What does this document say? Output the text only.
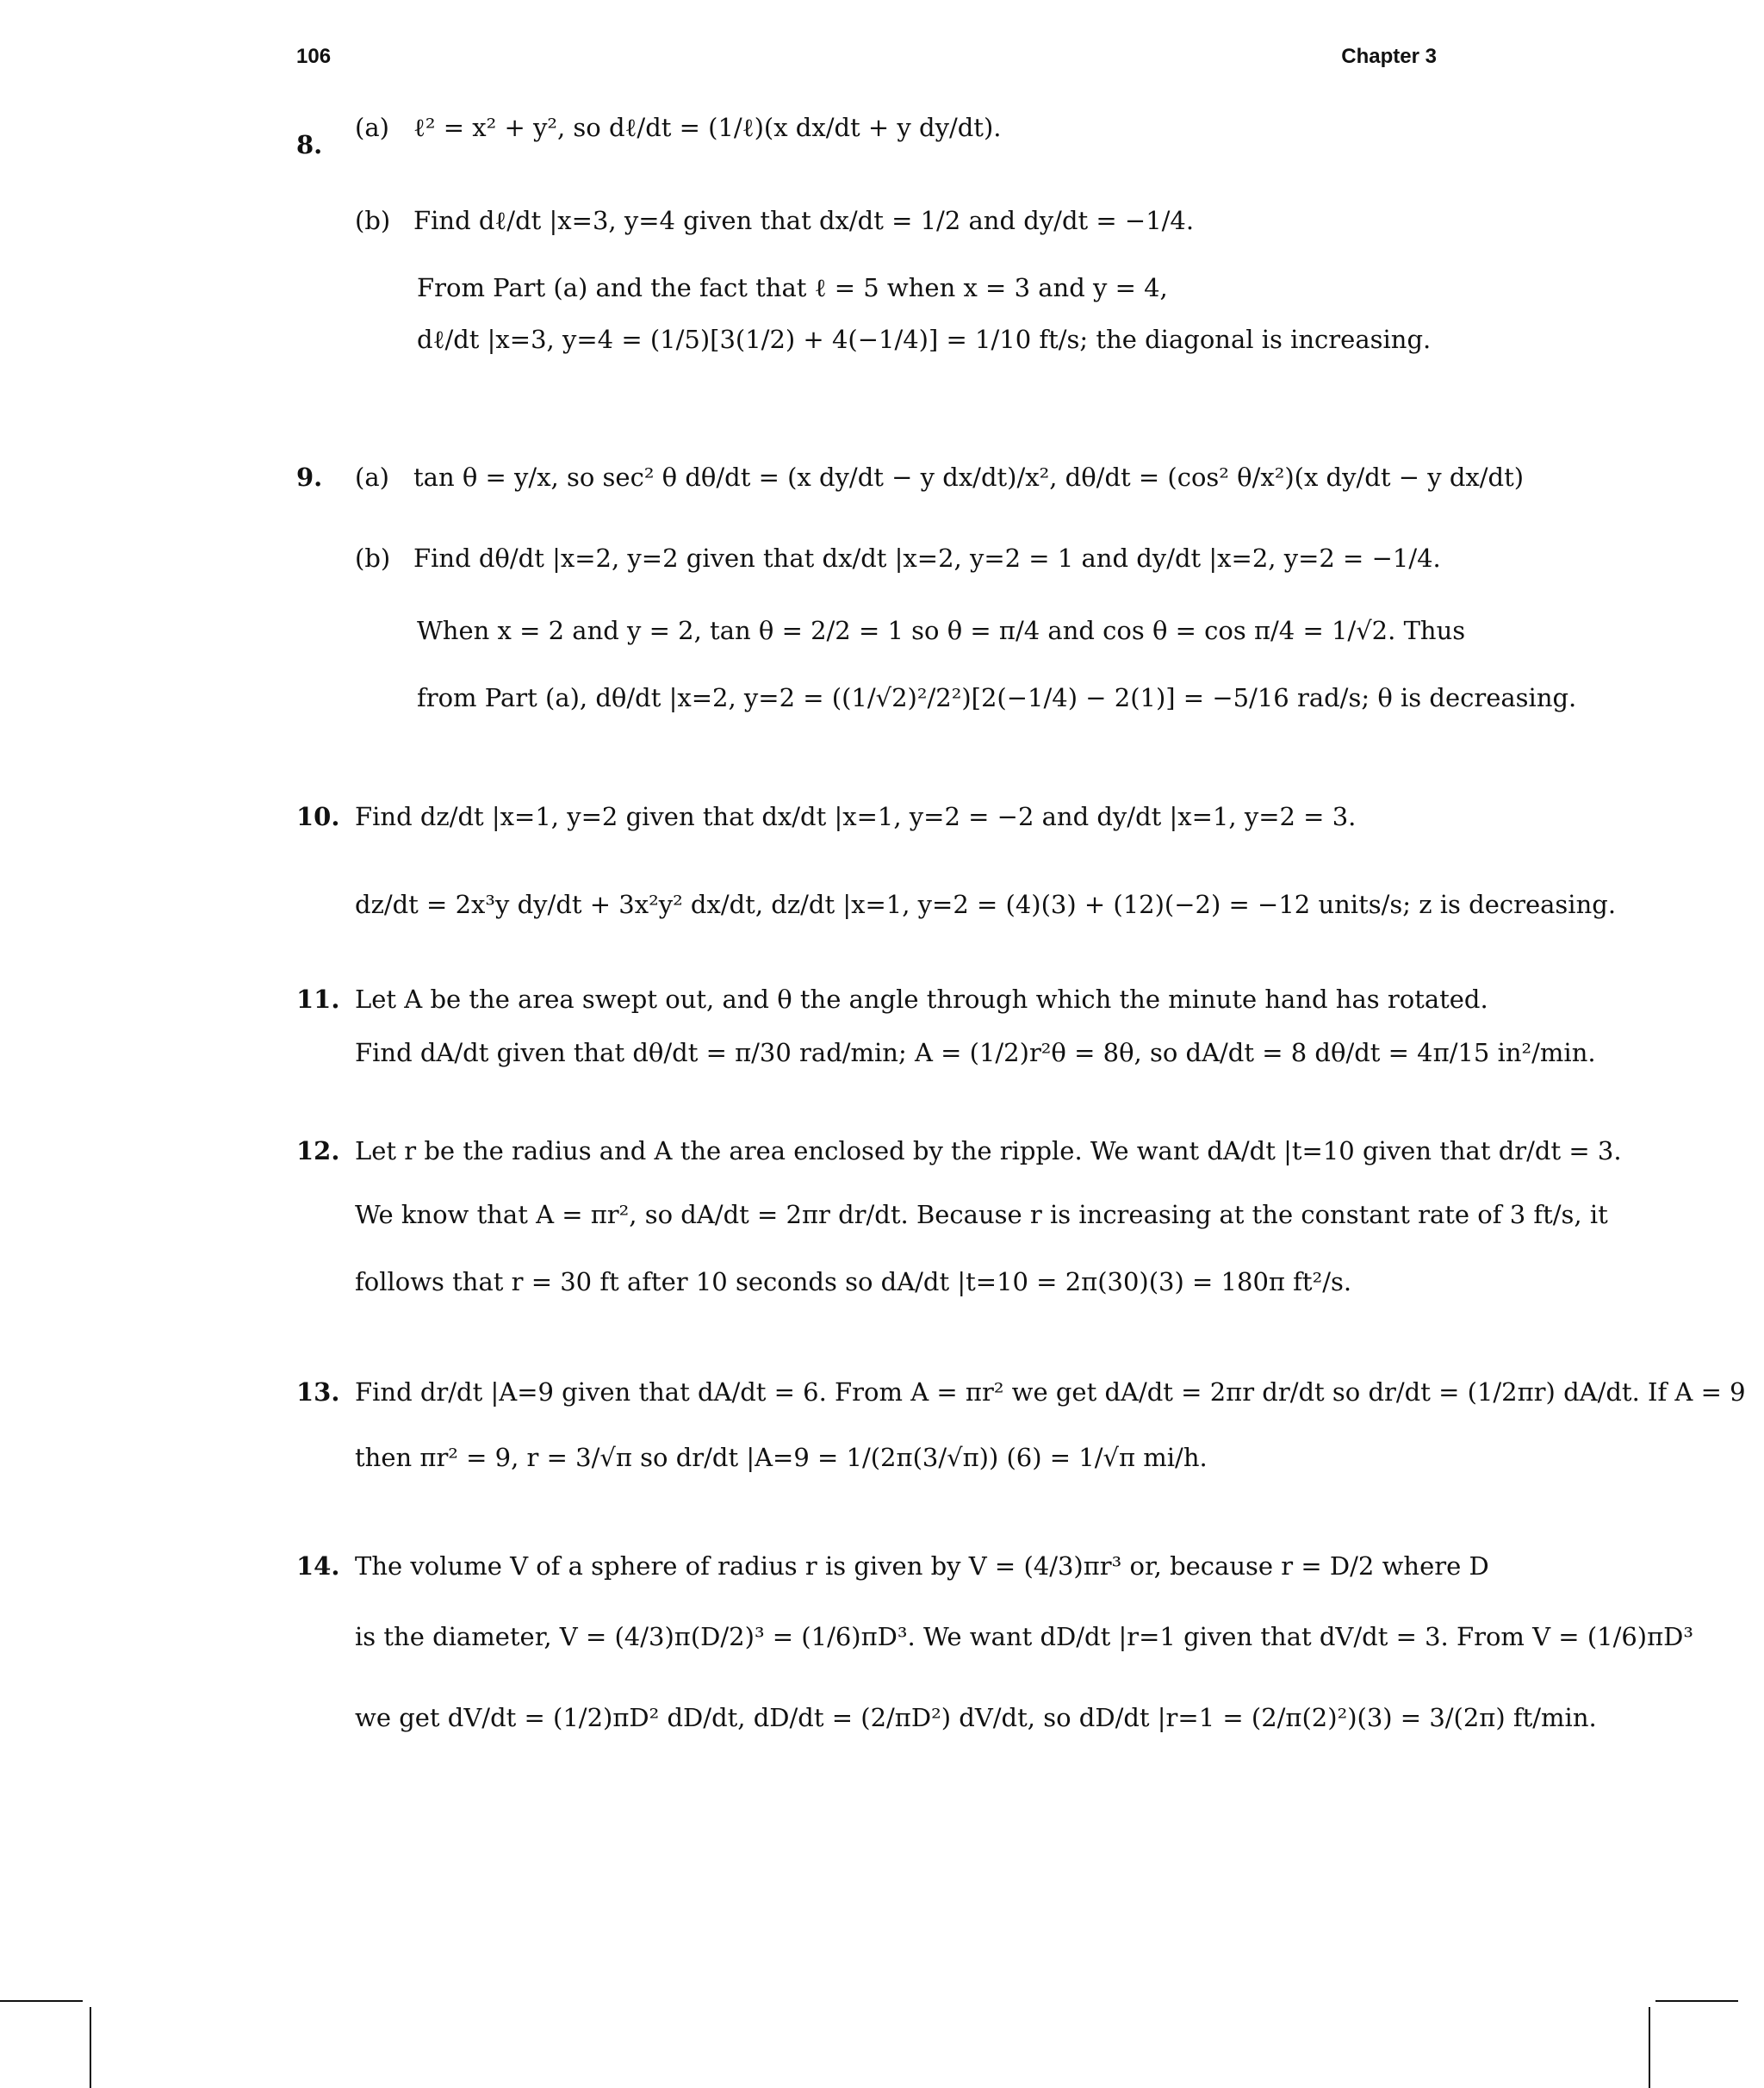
106	Chapter 3
8.
(a) ℓ² = x² + y², so dℓ/dt = (1/ℓ)(x dx/dt + y dy/dt).
(b) Find dℓ/dt |x=3, y=4 given that dx/dt = 1/2 and dy/dt = −1/4.
From Part (a) and the fact that ℓ = 5 when x = 3 and y = 4,
dℓ/dt |x=3, y=4 = (1/5)[3(1/2) + 4(−1/4)] = 1/10 ft/s; the diagonal is increasing.
9. (a) tan θ = y/x, so sec² θ dθ/dt = (x dy/dt − y dx/dt)/x², dθ/dt = (cos² θ/x²)(x dy/dt − y dx/dt)
(b) Find dθ/dt |x=2, y=2 given that dx/dt |x=2, y=2 = 1 and dy/dt |x=2, y=2 = −1/4.
When x = 2 and y = 2, tan θ = 2/2 = 1 so θ = π/4 and cos θ = cos π/4 = 1/√2. Thus
from Part (a), dθ/dt |x=2, y=2 = ((1/√2)²/2²)[2(−1/4) − 2(1)] = −5/16 rad/s; θ is decreasing.
10. Find dz/dt |x=1, y=2 given that dx/dt |x=1, y=2 = −2 and dy/dt |x=1, y=2 = 3.
dz/dt = 2x³y dy/dt + 3x²y² dx/dt, dz/dt |x=1, y=2 = (4)(3) + (12)(−2) = −12 units/s; z is decreasing.
11. Let A be the area swept out, and θ the angle through which the minute hand has rotated.
Find dA/dt given that dθ/dt = π/30 rad/min; A = (1/2)r²θ = 8θ, so dA/dt = 8 dθ/dt = 4π/15 in²/min.
12. Let r be the radius and A the area enclosed by the ripple. We want dA/dt |t=10 given that dr/dt = 3.
We know that A = πr², so dA/dt = 2πr dr/dt. Because r is increasing at the constant rate of 3 ft/s, it
follows that r = 30 ft after 10 seconds so dA/dt |t=10 = 2π(30)(3) = 180π ft²/s.
13. Find dr/dt |A=9 given that dA/dt = 6. From A = πr² we get dA/dt = 2πr dr/dt so dr/dt = (1/2πr) dA/dt. If A = 9
then πr² = 9, r = 3/√π so dr/dt |A=9 = 1/(2π(3/√π)) (6) = 1/√π mi/h.
14. The volume V of a sphere of radius r is given by V = (4/3)πr³ or, because r = D/2 where D
is the diameter, V = (4/3)π(D/2)³ = (1/6)πD³. We want dD/dt |r=1 given that dV/dt = 3. From V = (1/6)πD³
we get dV/dt = (1/2)πD² dD/dt, dD/dt = (2/πD²) dV/dt, so dD/dt |r=1 = (2/π(2)²)(3) = 3/(2π) ft/min.
